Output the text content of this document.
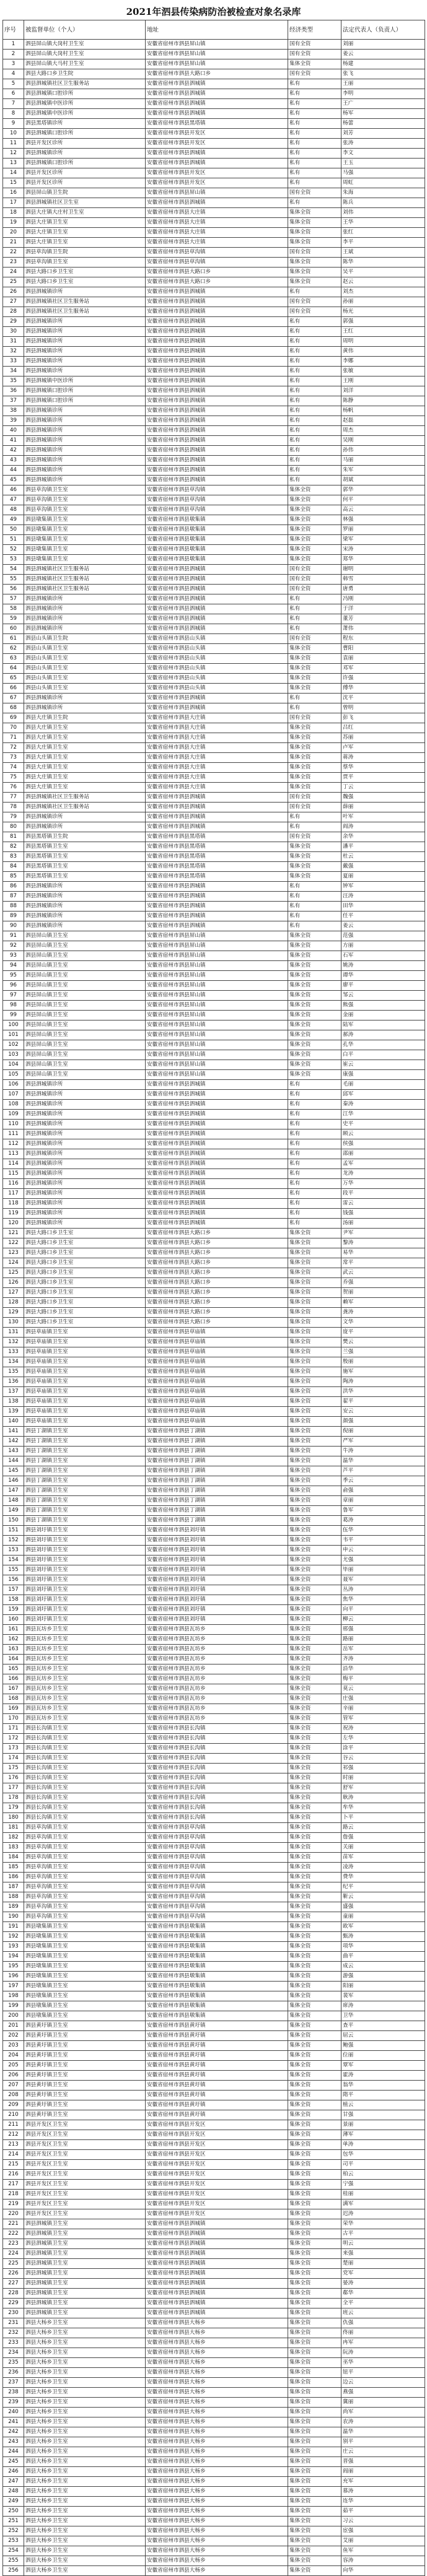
2021年泗县传染病防治被检查对象名录库
序号	被监督单位（个人）	地址	经济类型	法定代表人（负责人）
1	泗县屏山镇大岗村卫生室	安徽省宿州市泗县屏山镇	国有全资	刘丽
2	泗县屏山镇大岗村卫生室	安徽省宿州市泗县屏山镇	国有全资	姜云
3	泗县屏山镇大马村卫生室	安徽省宿州市泗县屏山镇	集体全资	杨建
4	泗县大路口乡卫生院	安徽省宿州市泗县大路口乡	国有全资	张飞
5	泗县泗城镇社区卫生服务站	安徽省宿州市泗县泗城镇	私有	王丽
6	泗县泗城镇口腔诊所	安徽省宿州市泗县泗城镇	私有	李明
7	泗县泗城镇中医诊所	安徽省宿州市泗县泗城镇	私有	王广
8	泗县泗城镇中医诊所	安徽省宿州市泗县泗城镇	私有	杨军
9	泗县黑塔镇诊所	安徽省宿州市泗县黑塔镇	私有	杨蕾
10	泗县泗城镇口腔诊所	安徽省宿州市泗县开发区	私有	刘芳
11	泗县开发区诊所	安徽省宿州市泗县开发区	私有	张涛
12	泗县泗城镇诊所	安徽省宿州市泗县泗城镇	私有	李文
13	泗县泗城镇口腔诊所	安徽省宿州市泗县泗城镇	私有	王玉
14	泗县开发区诊所	安徽省宿州市泗县开发区	私有	马强
15	泗县开发区诊所	安徽省宿州市泗县开发区	私有	周虹
16	泗县屏山镇卫生院	安徽省宿州市泗县屏山镇	国有全资	朱海
17	泗县泗城镇社区卫生室	安徽省宿州市泗县泗城镇	私有	陈兵
18	泗县大庄镇大庄村卫生室	安徽省宿州市泗县大庄镇	集体全资	刘伟
19	泗县大庄镇卫生室	安徽省宿州市泗县大庄镇	集体全资	王华
20	泗县大庄镇卫生室	安徽省宿州市泗县大庄镇	集体全资	张红
21	泗县大庄镇卫生室	安徽省宿州市泗县大庄镇	集体全资	李平
22	泗县草沟镇卫生院	安徽省宿州市泗县草沟镇	国有全资	王斌
23	泗县草沟镇卫生室	安徽省宿州市泗县草沟镇	集体全资	陈华
24	泗县大路口乡卫生室	安徽省宿州市泗县大路口乡	集体全资	吴平
25	泗县大路口乡卫生室	安徽省宿州市泗县大路口乡	集体全资	赵云
26	泗县泗城镇诊所	安徽省宿州市泗县泗城镇	私有	刘杰
27	泗县泗城镇社区卫生服务站	安徽省宿州市泗县泗城镇	国有全资	孙丽
28	泗县泗城镇社区卫生服务站	安徽省宿州市泗县泗城镇	国有全资	杨光
29	泗县泗城镇诊所	安徽省宿州市泗县泗城镇	私有	郭强
30	泗县泗城镇诊所	安徽省宿州市泗县泗城镇	私有	王红
31	泗县泗城镇诊所	安徽省宿州市泗县泗城镇	私有	周明
32	泗县泗城镇诊所	安徽省宿州市泗县泗城镇	私有	黄伟
33	泗县泗城镇诊所	安徽省宿州市泗县泗城镇	私有	李娜
34	泗县泗城镇诊所	安徽省宿州市泗县泗城镇	私有	张敏
35	泗县泗城镇中医诊所	安徽省宿州市泗县泗城镇	私有	王刚
36	泗县泗城镇口腔诊所	安徽省宿州市泗县泗城镇	私有	刘洋
37	泗县泗城镇口腔诊所	安徽省宿州市泗县泗城镇	私有	陈静
38	泗县泗城镇诊所	安徽省宿州市泗县泗城镇	私有	杨帆
39	泗县泗城镇诊所	安徽省宿州市泗县泗城镇	私有	赵磊
40	泗县泗城镇诊所	安徽省宿州市泗县泗城镇	私有	周杰
41	泗县泗城镇诊所	安徽省宿州市泗县泗城镇	私有	吴刚
42	泗县泗城镇诊所	安徽省宿州市泗县泗城镇	私有	孙伟
43	泗县泗城镇诊所	安徽省宿州市泗县泗城镇	私有	马丽
44	泗县泗城镇诊所	安徽省宿州市泗县泗城镇	私有	朱军
45	泗县泗城镇诊所	安徽省宿州市泗县泗城镇	私有	胡斌
46	泗县草沟镇卫生室	安徽省宿州市泗县草沟镇	集体全资	郭华
47	泗县草沟镇卫生室	安徽省宿州市泗县草沟镇	集体全资	何平
48	泗县草沟镇卫生室	安徽省宿州市泗县草沟镇	集体全资	高云
49	泗县墩集镇卫生室	安徽省宿州市泗县墩集镇	集体全资	林强
50	泗县墩集镇卫生室	安徽省宿州市泗县墩集镇	集体全资	罗丽
51	泗县墩集镇卫生室	安徽省宿州市泗县墩集镇	集体全资	梁军
52	泗县墩集镇卫生室	安徽省宿州市泗县墩集镇	集体全资	宋涛
53	泗县墩集镇卫生室	安徽省宿州市泗县墩集镇	集体全资	郑华
54	泗县泗城镇社区卫生服务站	安徽省宿州市泗县泗城镇	国有全资	谢明
55	泗县泗城镇社区卫生服务站	安徽省宿州市泗县泗城镇	国有全资	韩雪
56	泗县泗城镇社区卫生服务站	安徽省宿州市泗县泗城镇	国有全资	唐勇
57	泗县泗城镇诊所	安徽省宿州市泗县泗城镇	私有	冯刚
58	泗县泗城镇诊所	安徽省宿州市泗县泗城镇	私有	于洋
59	泗县泗城镇诊所	安徽省宿州市泗县泗城镇	私有	董芳
60	泗县泗城镇诊所	安徽省宿州市泗县泗城镇	私有	萧伟
61	泗县山头镇卫生院	安徽省宿州市泗县山头镇	国有全资	程东
62	泗县山头镇卫生室	安徽省宿州市泗县山头镇	集体全资	曹阳
63	泗县山头镇卫生室	安徽省宿州市泗县山头镇	集体全资	袁丽
64	泗县山头镇卫生室	安徽省宿州市泗县山头镇	集体全资	邓军
65	泗县山头镇卫生室	安徽省宿州市泗县山头镇	集体全资	许强
66	泗县山头镇卫生室	安徽省宿州市泗县山头镇	集体全资	傅华
67	泗县泗城镇诊所	安徽省宿州市泗县泗城镇	私有	沈平
68	泗县泗城镇诊所	安徽省宿州市泗县泗城镇	私有	曾明
69	泗县大庄镇卫生院	安徽省宿州市泗县大庄镇	国有全资	彭飞
70	泗县大庄镇卫生室	安徽省宿州市泗县大庄镇	集体全资	吕红
71	泗县大庄镇卫生室	安徽省宿州市泗县大庄镇	集体全资	苏丽
72	泗县大庄镇卫生室	安徽省宿州市泗县大庄镇	集体全资	卢军
73	泗县大庄镇卫生室	安徽省宿州市泗县大庄镇	集体全资	蒋涛
74	泗县大庄镇卫生室	安徽省宿州市泗县大庄镇	集体全资	蔡华
75	泗县大庄镇卫生室	安徽省宿州市泗县大庄镇	集体全资	贾平
76	泗县大庄镇卫生室	安徽省宿州市泗县大庄镇	集体全资	丁云
77	泗县泗城镇社区卫生服务站	安徽省宿州市泗县泗城镇	国有全资	魏强
78	泗县泗城镇社区卫生服务站	安徽省宿州市泗县泗城镇	国有全资	薛丽
79	泗县泗城镇诊所	安徽省宿州市泗县泗城镇	私有	叶军
80	泗县泗城镇诊所	安徽省宿州市泗县泗城镇	私有	阎涛
81	泗县黑塔镇卫生院	安徽省宿州市泗县黑塔镇	国有全资	余华
82	泗县黑塔镇卫生室	安徽省宿州市泗县黑塔镇	集体全资	潘平
83	泗县黑塔镇卫生室	安徽省宿州市泗县黑塔镇	集体全资	杜云
84	泗县黑塔镇卫生室	安徽省宿州市泗县黑塔镇	集体全资	戴强
85	泗县黑塔镇卫生室	安徽省宿州市泗县黑塔镇	集体全资	夏丽
86	泗县泗城镇诊所	安徽省宿州市泗县泗城镇	私有	钟军
87	泗县泗城镇诊所	安徽省宿州市泗县泗城镇	私有	汪涛
88	泗县泗城镇诊所	安徽省宿州市泗县泗城镇	私有	田华
89	泗县泗城镇诊所	安徽省宿州市泗县泗城镇	私有	任平
90	泗县泗城镇诊所	安徽省宿州市泗县泗城镇	私有	姜云
91	泗县屏山镇卫生室	安徽省宿州市泗县屏山镇	集体全资	范强
92	泗县屏山镇卫生室	安徽省宿州市泗县屏山镇	集体全资	方丽
93	泗县屏山镇卫生室	安徽省宿州市泗县屏山镇	集体全资	石军
94	泗县屏山镇卫生室	安徽省宿州市泗县屏山镇	集体全资	姚涛
95	泗县屏山镇卫生室	安徽省宿州市泗县屏山镇	集体全资	谭华
96	泗县屏山镇卫生室	安徽省宿州市泗县屏山镇	集体全资	廖平
97	泗县屏山镇卫生室	安徽省宿州市泗县屏山镇	集体全资	邹云
98	泗县屏山镇卫生室	安徽省宿州市泗县屏山镇	集体全资	熊强
99	泗县屏山镇卫生室	安徽省宿州市泗县屏山镇	集体全资	金丽
100	泗县屏山镇卫生室	安徽省宿州市泗县屏山镇	集体全资	陆军
101	泗县屏山镇卫生室	安徽省宿州市泗县屏山镇	集体全资	郝涛
102	泗县屏山镇卫生室	安徽省宿州市泗县屏山镇	集体全资	孔华
103	泗县屏山镇卫生室	安徽省宿州市泗县屏山镇	集体全资	白平
104	泗县屏山镇卫生室	安徽省宿州市泗县屏山镇	集体全资	崔云
105	泗县屏山镇卫生室	安徽省宿州市泗县屏山镇	集体全资	康强
106	泗县泗城镇诊所	安徽省宿州市泗县泗城镇	私有	毛丽
107	泗县泗城镇诊所	安徽省宿州市泗县泗城镇	私有	邱军
108	泗县泗城镇诊所	安徽省宿州市泗县泗城镇	私有	秦涛
109	泗县泗城镇诊所	安徽省宿州市泗县泗城镇	私有	江华
110	泗县泗城镇诊所	安徽省宿州市泗县泗城镇	私有	史平
111	泗县泗城镇诊所	安徽省宿州市泗县泗城镇	私有	顾云
112	泗县泗城镇诊所	安徽省宿州市泗县泗城镇	私有	侯强
113	泗县泗城镇诊所	安徽省宿州市泗县泗城镇	私有	邵丽
114	泗县泗城镇诊所	安徽省宿州市泗县泗城镇	私有	孟军
115	泗县泗城镇诊所	安徽省宿州市泗县泗城镇	私有	龙涛
116	泗县泗城镇诊所	安徽省宿州市泗县泗城镇	私有	万华
117	泗县泗城镇诊所	安徽省宿州市泗县泗城镇	私有	段平
118	泗县泗城镇诊所	安徽省宿州市泗县泗城镇	私有	雷云
119	泗县泗城镇诊所	安徽省宿州市泗县泗城镇	私有	钱强
120	泗县泗城镇诊所	安徽省宿州市泗县泗城镇	私有	汤丽
121	泗县大路口乡卫生室	安徽省宿州市泗县大路口乡	集体全资	尹军
122	泗县大路口乡卫生室	安徽省宿州市泗县大路口乡	集体全资	黎涛
123	泗县大路口乡卫生室	安徽省宿州市泗县大路口乡	集体全资	易华
124	泗县大路口乡卫生室	安徽省宿州市泗县大路口乡	集体全资	常平
125	泗县大路口乡卫生室	安徽省宿州市泗县大路口乡	集体全资	武云
126	泗县大路口乡卫生室	安徽省宿州市泗县大路口乡	集体全资	乔强
127	泗县大路口乡卫生室	安徽省宿州市泗县大路口乡	集体全资	贺丽
128	泗县大路口乡卫生室	安徽省宿州市泗县大路口乡	集体全资	赖军
129	泗县大路口乡卫生室	安徽省宿州市泗县大路口乡	集体全资	龚涛
130	泗县大路口乡卫生室	安徽省宿州市泗县大路口乡	集体全资	文华
131	泗县草庙镇卫生室	安徽省宿州市泗县草庙镇	集体全资	庞平
132	泗县草庙镇卫生室	安徽省宿州市泗县草庙镇	集体全资	樊云
133	泗县草庙镇卫生室	安徽省宿州市泗县草庙镇	集体全资	兰强
134	泗县草庙镇卫生室	安徽省宿州市泗县草庙镇	集体全资	殷丽
135	泗县草庙镇卫生室	安徽省宿州市泗县草庙镇	集体全资	施军
136	泗县草庙镇卫生室	安徽省宿州市泗县草庙镇	集体全资	陶涛
137	泗县草庙镇卫生室	安徽省宿州市泗县草庙镇	集体全资	洪华
138	泗县草庙镇卫生室	安徽省宿州市泗县草庙镇	集体全资	翟平
139	泗县草庙镇卫生室	安徽省宿州市泗县草庙镇	集体全资	安云
140	泗县草庙镇卫生室	安徽省宿州市泗县草庙镇	集体全资	颜强
141	泗县丁湖镇卫生室	安徽省宿州市泗县丁湖镇	集体全资	倪丽
142	泗县丁湖镇卫生室	安徽省宿州市泗县丁湖镇	集体全资	严军
143	泗县丁湖镇卫生室	安徽省宿州市泗县丁湖镇	集体全资	牛涛
144	泗县丁湖镇卫生室	安徽省宿州市泗县丁湖镇	集体全资	温华
145	泗县丁湖镇卫生室	安徽省宿州市泗县丁湖镇	集体全资	芦平
146	泗县丁湖镇卫生室	安徽省宿州市泗县丁湖镇	集体全资	季云
147	泗县丁湖镇卫生室	安徽省宿州市泗县丁湖镇	集体全资	俞强
148	泗县丁湖镇卫生室	安徽省宿州市泗县丁湖镇	集体全资	章丽
149	泗县丁湖镇卫生室	安徽省宿州市泗县丁湖镇	集体全资	鲁军
150	泗县丁湖镇卫生室	安徽省宿州市泗县丁湖镇	集体全资	葛涛
151	泗县刘圩镇卫生室	安徽省宿州市泗县刘圩镇	集体全资	伍华
152	泗县刘圩镇卫生室	安徽省宿州市泗县刘圩镇	集体全资	韦平
153	泗县刘圩镇卫生室	安徽省宿州市泗县刘圩镇	集体全资	申云
154	泗县刘圩镇卫生室	安徽省宿州市泗县刘圩镇	集体全资	尤强
155	泗县刘圩镇卫生室	安徽省宿州市泗县刘圩镇	集体全资	毕丽
156	泗县刘圩镇卫生室	安徽省宿州市泗县刘圩镇	集体全资	聂军
157	泗县刘圩镇卫生室	安徽省宿州市泗县刘圩镇	集体全资	丛涛
158	泗县刘圩镇卫生室	安徽省宿州市泗县刘圩镇	集体全资	焦华
159	泗县刘圩镇卫生室	安徽省宿州市泗县刘圩镇	集体全资	向平
160	泗县刘圩镇卫生室	安徽省宿州市泗县刘圩镇	集体全资	柳云
161	泗县瓦坊乡卫生室	安徽省宿州市泗县瓦坊乡	集体全资	邢强
162	泗县瓦坊乡卫生室	安徽省宿州市泗县瓦坊乡	集体全资	路丽
163	泗县瓦坊乡卫生室	安徽省宿州市泗县瓦坊乡	集体全资	岳军
164	泗县瓦坊乡卫生室	安徽省宿州市泗县瓦坊乡	集体全资	齐涛
165	泗县瓦坊乡卫生室	安徽省宿州市泗县瓦坊乡	集体全资	沿华
166	泗县瓦坊乡卫生室	安徽省宿州市泗县瓦坊乡	集体全资	梅平
167	泗县瓦坊乡卫生室	安徽省宿州市泗县瓦坊乡	集体全资	莫云
168	泗县瓦坊乡卫生室	安徽省宿州市泗县瓦坊乡	集体全资	庄强
169	泗县瓦坊乡卫生室	安徽省宿州市泗县瓦坊乡	集体全资	辛丽
170	泗县瓦坊乡卫生室	安徽省宿州市泗县瓦坊乡	集体全资	管军
171	泗县长沟镇卫生室	安徽省宿州市泗县长沟镇	集体全资	祝涛
172	泗县长沟镇卫生室	安徽省宿州市泗县长沟镇	集体全资	左华
173	泗县长沟镇卫生室	安徽省宿州市泗县长沟镇	集体全资	涂平
174	泗县长沟镇卫生室	安徽省宿州市泗县长沟镇	集体全资	谷云
175	泗县长沟镇卫生室	安徽省宿州市泗县长沟镇	集体全资	祁强
176	泗县长沟镇卫生室	安徽省宿州市泗县长沟镇	集体全资	时丽
177	泗县长沟镇卫生室	安徽省宿州市泗县长沟镇	集体全资	舒军
178	泗县长沟镇卫生室	安徽省宿州市泗县长沟镇	集体全资	耿涛
179	泗县长沟镇卫生室	安徽省宿州市泗县长沟镇	集体全资	牟华
180	泗县长沟镇卫生室	安徽省宿州市泗县长沟镇	集体全资	卜平
181	泗县草沟镇卫生室	安徽省宿州市泗县草沟镇	集体全资	路云
182	泗县草沟镇卫生室	安徽省宿州市泗县草沟镇	集体全资	詹强
183	泗县草沟镇卫生室	安徽省宿州市泗县草沟镇	集体全资	关丽
184	泗县草沟镇卫生室	安徽省宿州市泗县草沟镇	集体全资	苗军
185	泗县草沟镇卫生室	安徽省宿州市泗县草沟镇	集体全资	凌涛
186	泗县草沟镇卫生室	安徽省宿州市泗县草沟镇	集体全资	费华
187	泗县草沟镇卫生室	安徽省宿州市泗县草沟镇	集体全资	纪平
188	泗县草沟镇卫生室	安徽省宿州市泗县草沟镇	集体全资	靳云
189	泗县草沟镇卫生室	安徽省宿州市泗县草沟镇	集体全资	盛强
190	泗县草沟镇卫生室	安徽省宿州市泗县草沟镇	集体全资	童丽
191	泗县墩集镇卫生室	安徽省宿州市泗县墩集镇	集体全资	欧军
192	泗县墩集镇卫生室	安徽省宿州市泗县墩集镇	集体全资	甄涛
193	泗县墩集镇卫生室	安徽省宿州市泗县墩集镇	集体全资	项华
194	泗县墩集镇卫生室	安徽省宿州市泗县墩集镇	集体全资	曲平
195	泗县墩集镇卫生室	安徽省宿州市泗县墩集镇	集体全资	成云
196	泗县墩集镇卫生室	安徽省宿州市泗县墩集镇	集体全资	游强
197	泗县墩集镇卫生室	安徽省宿州市泗县墩集镇	集体全资	阳丽
198	泗县墩集镇卫生室	安徽省宿州市泗县墩集镇	集体全资	裴军
199	泗县墩集镇卫生室	安徽省宿州市泗县墩集镇	集体全资	席涛
200	泗县墩集镇卫生室	安徽省宿州市泗县墩集镇	集体全资	卫华
201	泗县黄圩镇卫生室	安徽省宿州市泗县黄圩镇	集体全资	查平
202	泗县黄圩镇卫生室	安徽省宿州市泗县黄圩镇	集体全资	屈云
203	泗县黄圩镇卫生室	安徽省宿州市泗县黄圩镇	集体全资	鲍强
204	泗县黄圩镇卫生室	安徽省宿州市泗县黄圩镇	集体全资	位丽
205	泗县黄圩镇卫生室	安徽省宿州市泗县黄圩镇	集体全资	覃军
206	泗县黄圩镇卫生室	安徽省宿州市泗县黄圩镇	集体全资	霍涛
207	泗县黄圩镇卫生室	安徽省宿州市泗县黄圩镇	集体全资	翁华
208	泗县黄圩镇卫生室	安徽省宿州市泗县黄圩镇	集体全资	隋平
209	泗县黄圩镇卫生室	安徽省宿州市泗县黄圩镇	集体全资	植云
210	泗县黄圩镇卫生室	安徽省宿州市泗县黄圩镇	集体全资	甘强
211	泗县开发区卫生室	安徽省宿州市泗县开发区	集体全资	景丽
212	泗县开发区卫生室	安徽省宿州市泗县开发区	集体全资	薄军
213	泗县开发区卫生室	安徽省宿州市泗县开发区	集体全资	单涛
214	泗县开发区卫生室	安徽省宿州市泗县开发区	集体全资	包华
215	泗县开发区卫生室	安徽省宿州市泗县开发区	集体全资	司平
216	泗县开发区卫生室	安徽省宿州市泗县开发区	集体全资	柏云
217	泗县开发区卫生室	安徽省宿州市泗县开发区	集体全资	宁强
218	泗县开发区卫生室	安徽省宿州市泗县开发区	集体全资	桂丽
219	泗县开发区卫生室	安徽省宿州市泗县开发区	集体全资	满军
220	泗县开发区卫生室	安徽省宿州市泗县开发区	集体全资	迟涛
221	泗县泗城镇卫生室	安徽省宿州市泗县泗城镇	集体全资	荣华
222	泗县泗城镇卫生室	安徽省宿州市泗县泗城镇	集体全资	古平
223	泗县泗城镇卫生室	安徽省宿州市泗县泗城镇	集体全资	明云
224	泗县泗城镇卫生室	安徽省宿州市泗县泗城镇	集体全资	来强
225	泗县泗城镇卫生室	安徽省宿州市泗县泗城镇	集体全资	楚丽
226	泗县泗城镇卫生室	安徽省宿州市泗县泗城镇	集体全资	党军
227	泗县泗城镇卫生室	安徽省宿州市泗县泗城镇	集体全资	晏涛
228	泗县泗城镇卫生室	安徽省宿州市泗县泗城镇	集体全资	郗华
229	泗县泗城镇卫生室	安徽省宿州市泗县泗城镇	集体全资	全平
230	泗县泗城镇卫生室	安徽省宿州市泗县泗城镇	集体全资	班云
231	泗县大杨乡卫生室	安徽省宿州市泗县大杨乡	集体全资	仇强
232	泗县大杨乡卫生室	安徽省宿州市泗县大杨乡	集体全资	佟丽
233	泗县大杨乡卫生室	安徽省宿州市泗县大杨乡	集体全资	冉军
234	泗县大杨乡卫生室	安徽省宿州市泗县大杨乡	集体全资	阮涛
235	泗县大杨乡卫生室	安徽省宿州市泗县大杨乡	集体全资	巫华
236	泗县大杨乡卫生室	安徽省宿州市泗县大杨乡	集体全资	钮平
237	泗县大杨乡卫生室	安徽省宿州市泗县大杨乡	集体全资	边云
238	泗县大杨乡卫生室	安徽省宿州市泗县大杨乡	集体全资	燕强
239	泗县大杨乡卫生室	安徽省宿州市泗县大杨乡	集体全资	冀丽
240	泗县大杨乡卫生室	安徽省宿州市泗县大杨乡	集体全资	尚军
241	泗县大杨乡卫生室	安徽省宿州市泗县大杨乡	集体全资	农涛
242	泗县大杨乡卫生室	安徽省宿州市泗县大杨乡	集体全资	温华
243	泗县大杨乡卫生室	安徽省宿州市泗县大杨乡	集体全资	别平
244	泗县大杨乡卫生室	安徽省宿州市泗县大杨乡	集体全资	庄云
245	泗县大杨乡卫生室	安徽省宿州市泗县大杨乡	集体全资	晋强
246	泗县大杨乡卫生室	安徽省宿州市泗县大杨乡	集体全资	阎丽
247	泗县大杨乡卫生室	安徽省宿州市泗县大杨乡	集体全资	充军
248	泗县大杨乡卫生室	安徽省宿州市泗县大杨乡	集体全资	慕涛
249	泗县大杨乡卫生室	安徽省宿州市泗县大杨乡	集体全资	连华
250	泗县大杨乡卫生室	安徽省宿州市泗县大杨乡	集体全资	茹平
251	泗县大杨乡卫生室	安徽省宿州市泗县大杨乡	集体全资	习云
252	泗县大杨乡卫生室	安徽省宿州市泗县大杨乡	集体全资	宦强
253	泗县大杨乡卫生室	安徽省宿州市泗县大杨乡	集体全资	艾丽
254	泗县大杨乡卫生室	安徽省宿州市泗县大杨乡	集体全资	鱼军
255	泗县大杨乡卫生室	安徽省宿州市泗县大杨乡	集体全资	容涛
256	泗县大杨乡卫生室	安徽省宿州市泗县大杨乡	集体全资	向华
